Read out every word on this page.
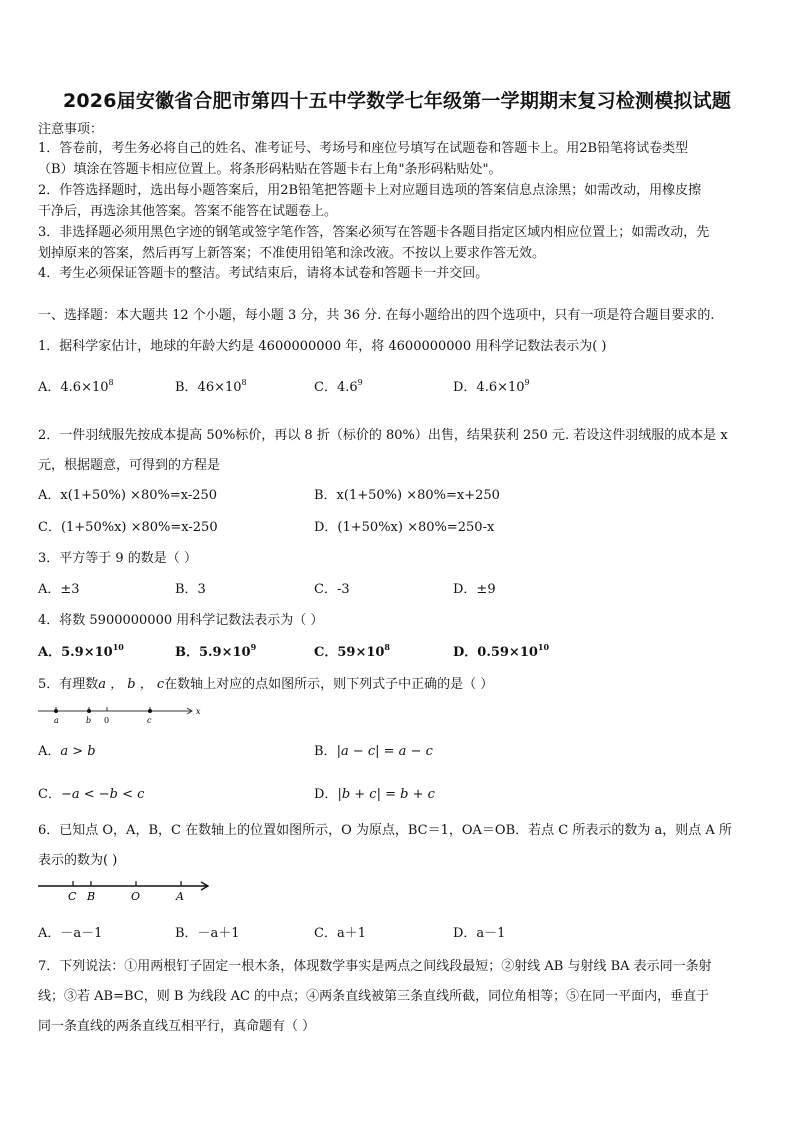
2026届安徽省合肥市第四十五中学数学七年级第一学期期末复习检测模拟试题
注意事项：
1．答卷前，考生务必将自己的姓名、准考证号、考场号和座位号填写在试题卷和答题卡上。用2B铅笔将试卷类型
（B）填涂在答题卡相应位置上。将条形码粘贴在答题卡右上角"条形码粘贴处"。
2．作答选择题时，选出每小题答案后，用2B铅笔把答题卡上对应题目选项的答案信息点涂黑；如需改动，用橡皮擦
干净后，再选涂其他答案。答案不能答在试题卷上。
3．非选择题必须用黑色字迹的钢笔或签字笔作答，答案必须写在答题卡各题目指定区域内相应位置上；如需改动，先
划掉原来的答案，然后再写上新答案；不准使用铅笔和涂改液。不按以上要求作答无效。
4．考生必须保证答题卡的整洁。考试结束后，请将本试卷和答题卡一并交回。
一、选择题：本大题共 12 个小题，每小题 3 分，共 36 分. 在每小题给出的四个选项中，只有一项是符合题目要求的.
1．据科学家估计，地球的年龄大约是 4600000000 年，将 4600000000 用科学记数法表示为( )
A．$4.6\times 10^8$	B．$46\times 10^8$	C．$4.6^9$	D．$4.6\times 10^9$
2．一件羽绒服先按成本提高 50%标价，再以 8 折（标价的 80%）出售，结果获利 250 元. 若设这件羽绒服的成本是 x
元，根据题意，可得到的方程是
A．x(1+50%) ×80%=x-250	B．x(1+50%) ×80%=x+250
C．(1+50%x) ×80%=x-250	D．(1+50%x) ×80%=250-x
3．平方等于 9 的数是（ ）
A．±3	B．3	C．-3	D．±9
4．将数 5900000000 用科学记数法表示为（ ）
A．$5.9\times 10^{10}$	B．$5.9\times 10^9$	C．$59\times 10^8$	D．$0.59\times 10^{10}$
5．有理数a ， b ， c在数轴上对应的点如图所示，则下列式子中正确的是（ ）
a	b 0	c
x
A．a > b	B．|a − c| = a − c
C．−a < −b < c	D．|b + c| = b + c
6．已知点 O，A，B，C 在数轴上的位置如图所示，O 为原点，BC＝1，OA＝OB．若点 C 所表示的数为 a，则点 A 所
表示的数为( )
C B	O	A
A．－a－1	B．－a＋1	C．a＋1	D．a－1
7．下列说法：①用两根钉子固定一根木条，体现数学事实是两点之间线段最短；②射线 AB 与射线 BA 表示同一条射
线；③若 AB=BC，则 B 为线段 AC 的中点；④两条直线被第三条直线所截，同位角相等；⑤在同一平面内，垂直于
同一条直线的两条直线互相平行，真命题有（ ）
